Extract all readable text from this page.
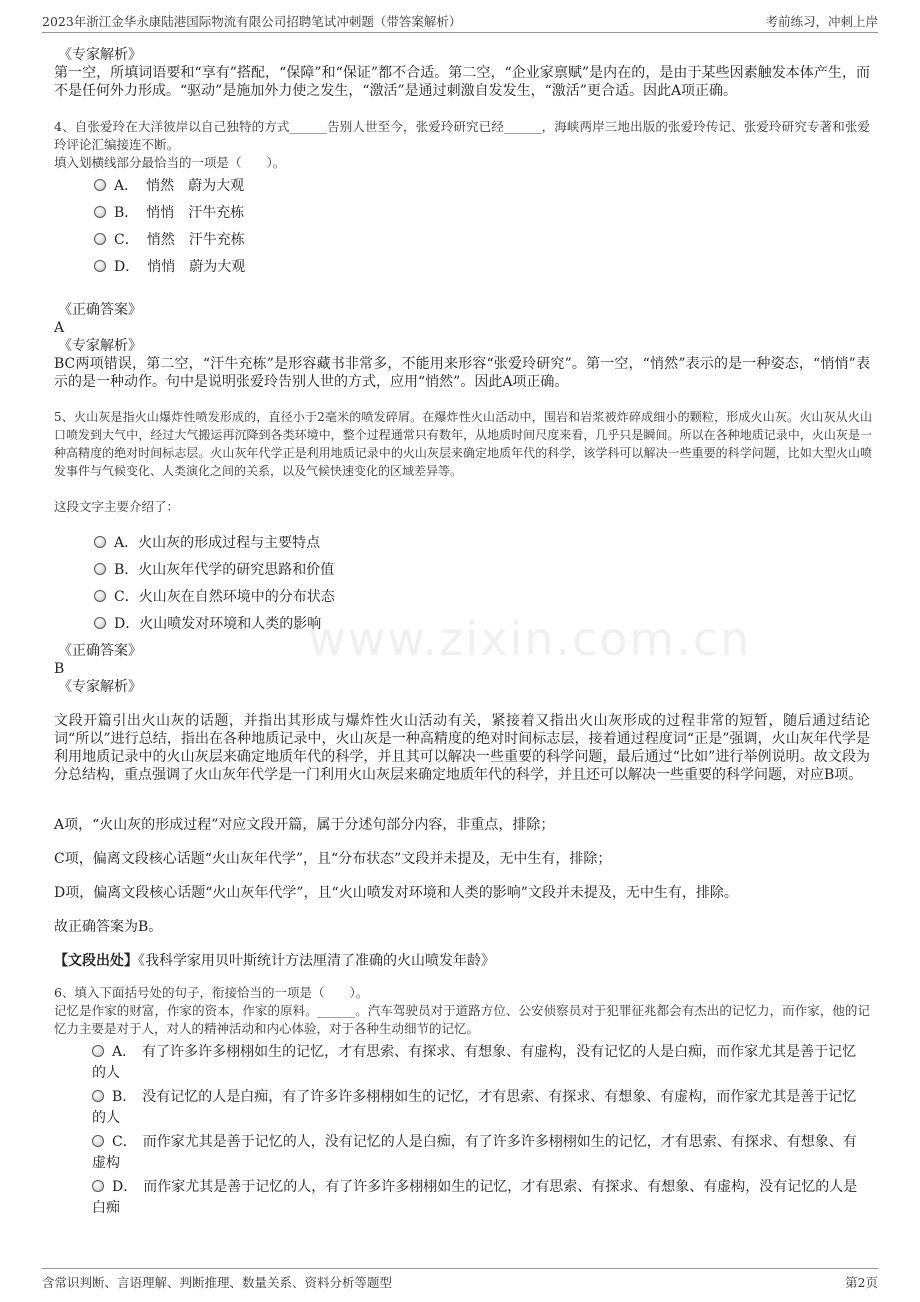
2023年浙江金华永康陆港国际物流有限公司招聘笔试冲刺题（带答案解析）	考前练习，冲刺上岸
www.zixin.com.cn
《专家解析》
第一空，所填词语要和“享有”搭配，“保障”和“保证”都不合适。第二空，“企业家禀赋”是内在的，是由于某些因素触发本体产生，而不是任何外力形成。“驱动”是施加外力使之发生，“激活”是通过刺激自发发生，“激活”更合适。因此A项正确。
4、自张爱玲在大洋彼岸以自己独特的方式______告别人世至今，张爱玲研究已经______，海峡两岸三地出版的张爱玲传记、张爱玲研究专著和张爱玲评论汇编接连不断。
填入划横线部分最恰当的一项是（　　）。
A． 悄然　蔚为大观
B． 悄悄　汗牛充栋
C． 悄然　汗牛充栋
D． 悄悄　蔚为大观
《正确答案》
A
《专家解析》
BC两项错误，第二空，“汗牛充栋”是形容藏书非常多，不能用来形容“张爱玲研究”。第一空，“悄然”表示的是一种姿态，“悄悄”表示的是一种动作。句中是说明张爱玲告别人世的方式，应用“悄然”。因此A项正确。
5、火山灰是指火山爆炸性喷发形成的，直径小于2毫米的喷发碎屑。在爆炸性火山活动中，围岩和岩浆被炸碎成细小的颗粒，形成火山灰。火山灰从火山口喷发到大气中，经过大气搬运再沉降到各类环境中，整个过程通常只有数年，从地质时间尺度来看，几乎只是瞬间。所以在各种地质记录中，火山灰是一种高精度的绝对时间标志层。火山灰年代学正是利用地质记录中的火山灰层来确定地质年代的科学，该学科可以解决一些重要的科学问题，比如大型火山喷发事件与气候变化、人类演化之间的关系，以及气候快速变化的区域差异等。
这段文字主要介绍了：
A．火山灰的形成过程与主要特点
B．火山灰年代学的研究思路和价值
C．火山灰在自然环境中的分布状态
D．火山喷发对环境和人类的影响
《正确答案》
B
《专家解析》
文段开篇引出火山灰的话题，并指出其形成与爆炸性火山活动有关，紧接着又指出火山灰形成的过程非常的短暂，随后通过结论词“所以”进行总结，指出在各种地质记录中，火山灰是一种高精度的绝对时间标志层，接着通过程度词“正是”强调，火山灰年代学是利用地质记录中的火山灰层来确定地质年代的科学，并且其可以解决一些重要的科学问题，最后通过“比如”进行举例说明。故文段为分总结构，重点强调了火山灰年代学是一门利用火山灰层来确定地质年代的科学，并且还可以解决一些重要的科学问题，对应B项。
A项，“火山灰的形成过程”对应文段开篇，属于分述句部分内容，非重点，排除；
C项，偏离文段核心话题“火山灰年代学”，且“分布状态”文段并未提及，无中生有，排除；
D项，偏离文段核心话题“火山灰年代学”，且“火山喷发对环境和人类的影响”文段并未提及，无中生有，排除。
故正确答案为B。
【文段出处】《我科学家用贝叶斯统计方法厘清了准确的火山喷发年龄》
6、填入下面括号处的句子，衔接恰当的一项是（　　）。
记忆是作家的财富，作家的资本，作家的原料。______。汽车驾驶员对于道路方位、公安侦察员对于犯罪征兆都会有杰出的记忆力，而作家，他的记忆力主要是对于人，对人的精神活动和内心体验，对于各种生动细节的记忆。
A． 有了许多许多栩栩如生的记忆，才有思索、有探求、有想象、有虚构，没有记忆的人是白痴，而作家尤其是善于记忆的人
B． 没有记忆的人是白痴，有了许多许多栩栩如生的记忆，才有思索、有探求、有想象、有虚构，而作家尤其是善于记忆的人
C． 而作家尤其是善于记忆的人，没有记忆的人是白痴，有了许多许多栩栩如生的记忆，才有思索、有探求、有想象、有虚构
D． 而作家尤其是善于记忆的人，有了许多许多栩栩如生的记忆，才有思索、有探求、有想象、有虚构，没有记忆的人是白痴
含常识判断、言语理解、判断推理、数量关系、资料分析等题型	第2页
